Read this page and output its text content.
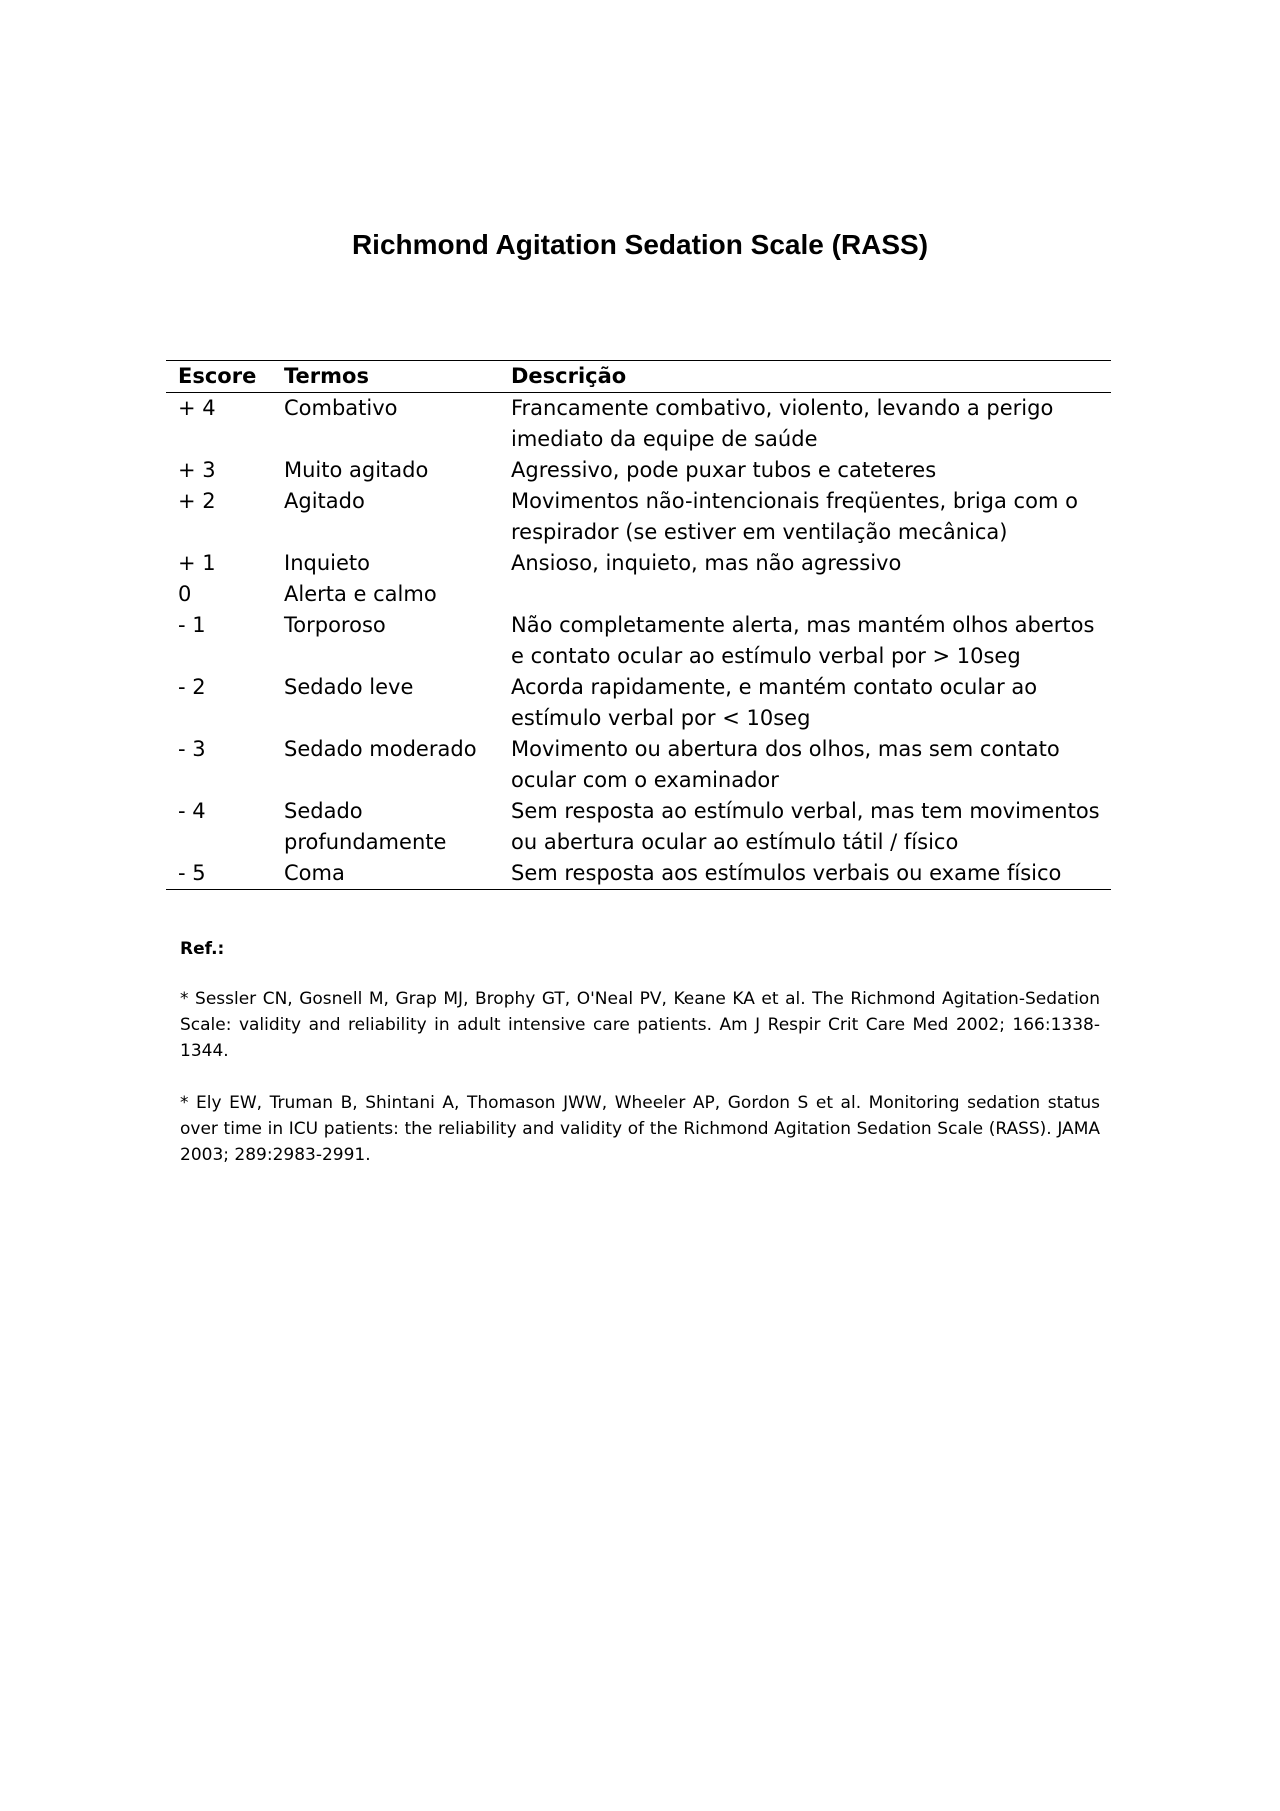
Richmond Agitation Sedation Scale (RASS)
Escore	Termos	Descrição
+ 4	Combativo	Francamente combativo, violento, levando a perigo imediato da equipe de saúde
+ 3	Muito agitado	Agressivo, pode puxar tubos e cateteres
+ 2	Agitado	Movimentos não-intencionais freqüentes, briga com o respirador (se estiver em ventilação mecânica)
+ 1	Inquieto	Ansioso, inquieto, mas não agressivo
0	Alerta e calmo	
- 1	Torporoso	Não completamente alerta, mas mantém olhos abertos e contato ocular ao estímulo verbal por > 10seg
- 2	Sedado leve	Acorda rapidamente, e mantém contato ocular ao estímulo verbal por < 10seg
- 3	Sedado moderado	Movimento ou abertura dos olhos, mas sem contato ocular com o examinador
- 4	Sedado profundamente	Sem resposta ao estímulo verbal, mas tem movimentos ou abertura ocular ao estímulo tátil / físico
- 5	Coma	Sem resposta aos estímulos verbais ou exame físico

Ref.:

* Sessler CN, Gosnell M, Grap MJ, Brophy GT, O'Neal PV, Keane KA et al. The Richmond Agitation-Sedation Scale: validity and reliability in adult intensive care patients. Am J Respir Crit Care Med 2002; 166:1338-1344.

* Ely EW, Truman B, Shintani A, Thomason JWW, Wheeler AP, Gordon S et al. Monitoring sedation status over time in ICU patients: the reliability and validity of the Richmond Agitation Sedation Scale (RASS). JAMA 2003; 289:2983-2991.
